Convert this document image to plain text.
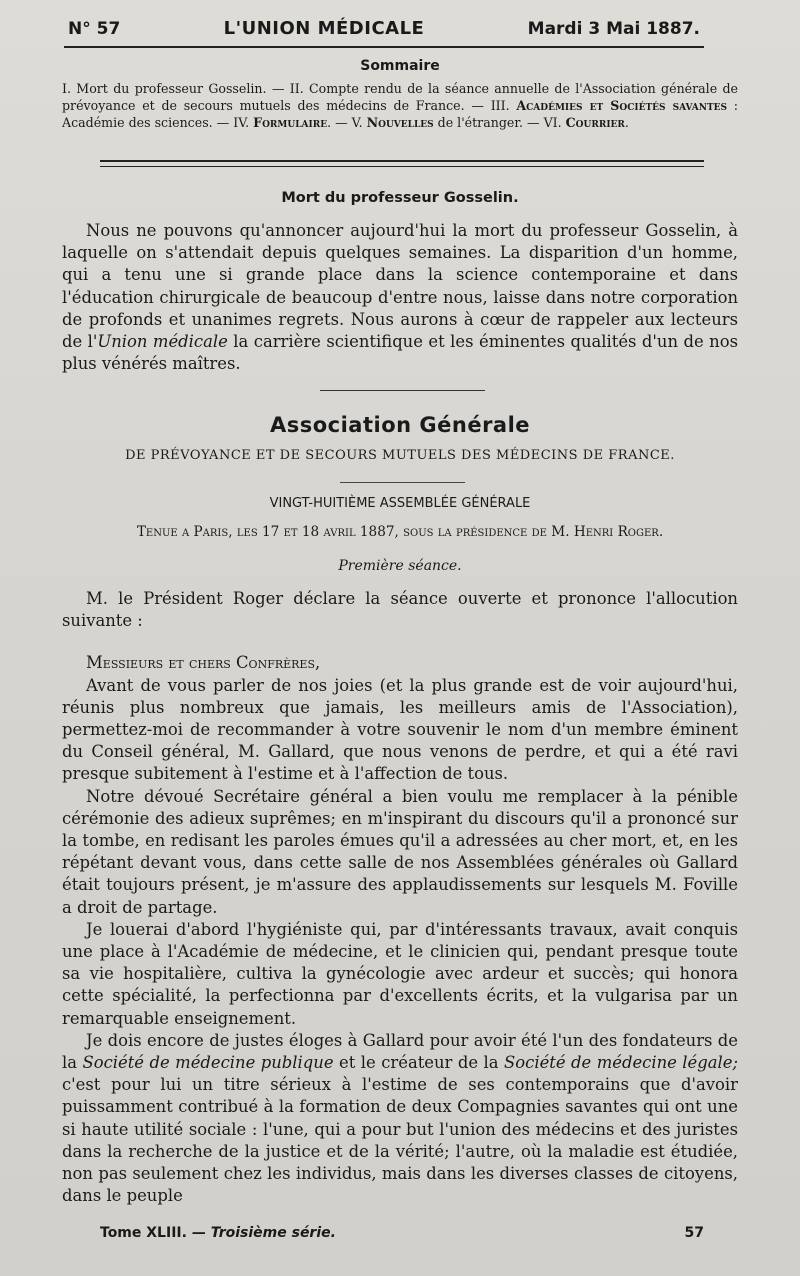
N° 57	L'UNION MÉDICALE	Mardi 3 Mai 1887.
Sommaire
I. Mort du professeur Gosselin. — II. Compte rendu de la séance annuelle de l'Association générale de prévoyance et de secours mutuels des médecins de France. — III. Académies et Sociétés savantes : Académie des sciences. — IV. Formulaire. — V. Nouvelles de l'étranger. — VI. Courrier.
Mort du professeur Gosselin.

Nous ne pouvons qu'annoncer aujourd'hui la mort du professeur Gosselin, à laquelle on s'attendait depuis quelques semaines. La disparition d'un homme, qui a tenu une si grande place dans la science contemporaine et dans l'éducation chirurgicale de beaucoup d'entre nous, laisse dans notre corporation de profonds et unanimes regrets. Nous aurons à cœur de rappeler aux lecteurs de l'Union médicale la carrière scientifique et les éminentes qualités d'un de nos plus vénérés maîtres.

Association Générale
DE PRÉVOYANCE ET DE SECOURS MUTUELS DES MÉDECINS DE FRANCE.
VINGT-HUITIÈME ASSEMBLÉE GÉNÉRALE
Tenue a Paris, les 17 et 18 avril 1887, sous la présidence de M. Henri Roger.
Première séance.

M. le Président Roger déclare la séance ouverte et prononce l'allocution suivante :

Messieurs et chers Confrères,

Avant de vous parler de nos joies (et la plus grande est de voir aujourd'hui, réunis plus nombreux que jamais, les meilleurs amis de l'Association), permettez-moi de recommander à votre souvenir le nom d'un membre éminent du Conseil général, M. Gallard, que nous venons de perdre, et qui a été ravi presque subitement à l'estime et à l'affection de tous.

Notre dévoué Secrétaire général a bien voulu me remplacer à la pénible cérémonie des adieux suprêmes; en m'inspirant du discours qu'il a prononcé sur la tombe, en redisant les paroles émues qu'il a adressées au cher mort, et, en les répétant devant vous, dans cette salle de nos Assemblées générales où Gallard était toujours présent, je m'assure des applaudissements sur lesquels M. Foville a droit de partage.

Je louerai d'abord l'hygiéniste qui, par d'intéressants travaux, avait conquis une place à l'Académie de médecine, et le clinicien qui, pendant presque toute sa vie hospitalière, cultiva la gynécologie avec ardeur et succès; qui honora cette spécialité, la perfectionna par d'excellents écrits, et la vulgarisa par un remarquable enseignement.

Je dois encore de justes éloges à Gallard pour avoir été l'un des fondateurs de la Société de médecine publique et le créateur de la Société de médecine légale; c'est pour lui un titre sérieux à l'estime de ses contemporains que d'avoir puissamment contribué à la formation de deux Compagnies savantes qui ont une si haute utilité sociale : l'une, qui a pour but l'union des médecins et des juristes dans la recherche de la justice et de la vérité; l'autre, où la maladie est étudiée, non pas seulement chez les individus, mais dans les diverses classes de citoyens, dans le peuple

Tome XLIII. — Troisième série.	57
